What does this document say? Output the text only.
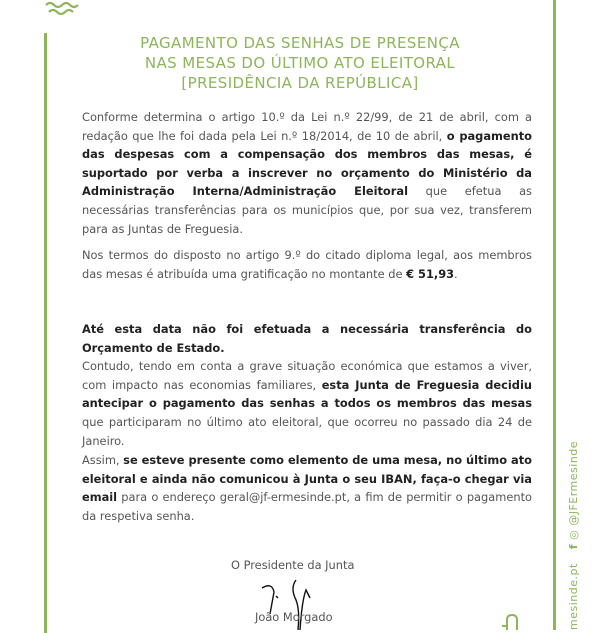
PAGAMENTO DAS SENHAS DE PRESENÇA
NAS MESAS DO ÚLTIMO ATO ELEITORAL
[PRESIDÊNCIA DA REPÚBLICA]
Conforme determina o artigo 10.º da Lei n.º 22/99, de 21 de abril, com a redação que lhe foi dada pela Lei n.º 18/2014, de 10 de abril, o pagamento das despesas com a compensação dos membros das mesas, é suportado por verba a inscrever no orçamento do Ministério da Administração Interna/Administração Eleitoral que efetua as necessárias transferências para os municípios que, por sua vez, transferem para as Juntas de Freguesia.
Nos termos do disposto no artigo 9.º do citado diploma legal, aos membros das mesas é atribuída uma gratificação no montante de € 51,93.
Até esta data não foi efetuada a necessária transferência do Orçamento de Estado.
Contudo, tendo em conta a grave situação económica que estamos a viver, com impacto nas economias familiares, esta Junta de Freguesia decidiu antecipar o pagamento das senhas a todos os membros das mesas que participaram no último ato eleitoral, que ocorreu no passado dia 24 de Janeiro.
Assim, se esteve presente como elemento de uma mesa, no último ato eleitoral e ainda não comunicou à Junta o seu IBAN, faça-o chegar via email para o endereço geral@jf-ermesinde.pt, a fim de permitir o pagamento da respetiva senha.
O Presidente da Junta
João Morgado	mesinde.ptf ◎ @JFErmesinde
